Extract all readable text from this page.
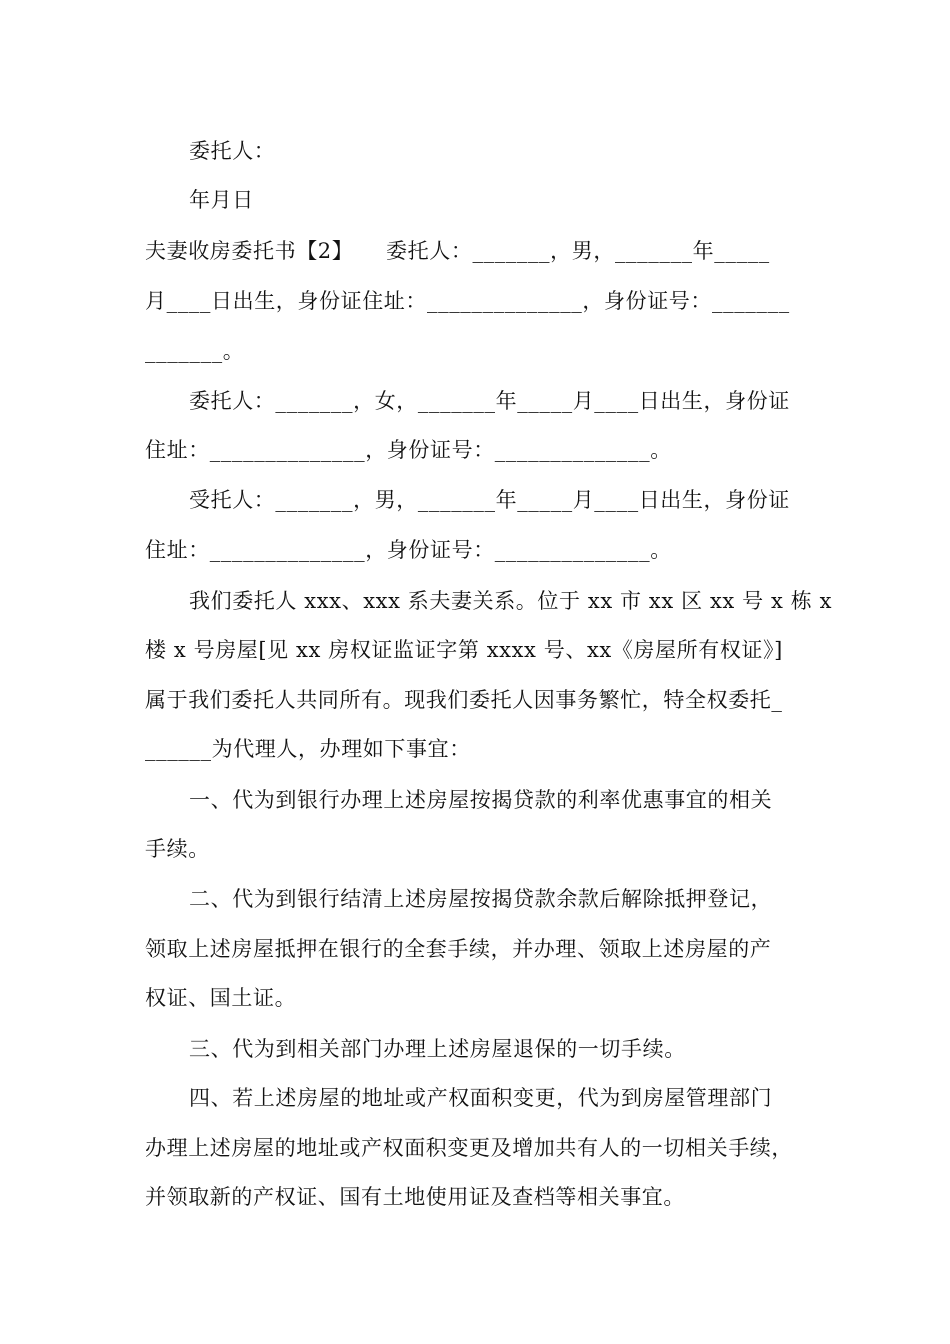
委托人：
年月日
夫妻收房委托书【2】　　委托人：_______，男，_______年_____
月____日出生，身份证住址：______________，身份证号：_______
_______。
委托人：_______，女，_______年_____月____日出生，身份证
住址：______________，身份证号：______________。
受托人：_______，男，_______年_____月____日出生，身份证
住址：______________，身份证号：______________。
我们委托人 xxx、xxx 系夫妻关系。位于 xx 市 xx 区 xx 号 x 栋 x
楼 x 号房屋[见 xx 房权证监证字第 xxxx 号、xx《房屋所有权证》]
属于我们委托人共同所有。现我们委托人因事务繁忙，特全权委托_
______为代理人，办理如下事宜：
一、代为到银行办理上述房屋按揭贷款的利率优惠事宜的相关
手续。
二、代为到银行结清上述房屋按揭贷款余款后解除抵押登记，
领取上述房屋抵押在银行的全套手续，并办理、领取上述房屋的产
权证、国土证。
三、代为到相关部门办理上述房屋退保的一切手续。
四、若上述房屋的地址或产权面积变更，代为到房屋管理部门
办理上述房屋的地址或产权面积变更及增加共有人的一切相关手续，
并领取新的产权证、国有土地使用证及查档等相关事宜。
